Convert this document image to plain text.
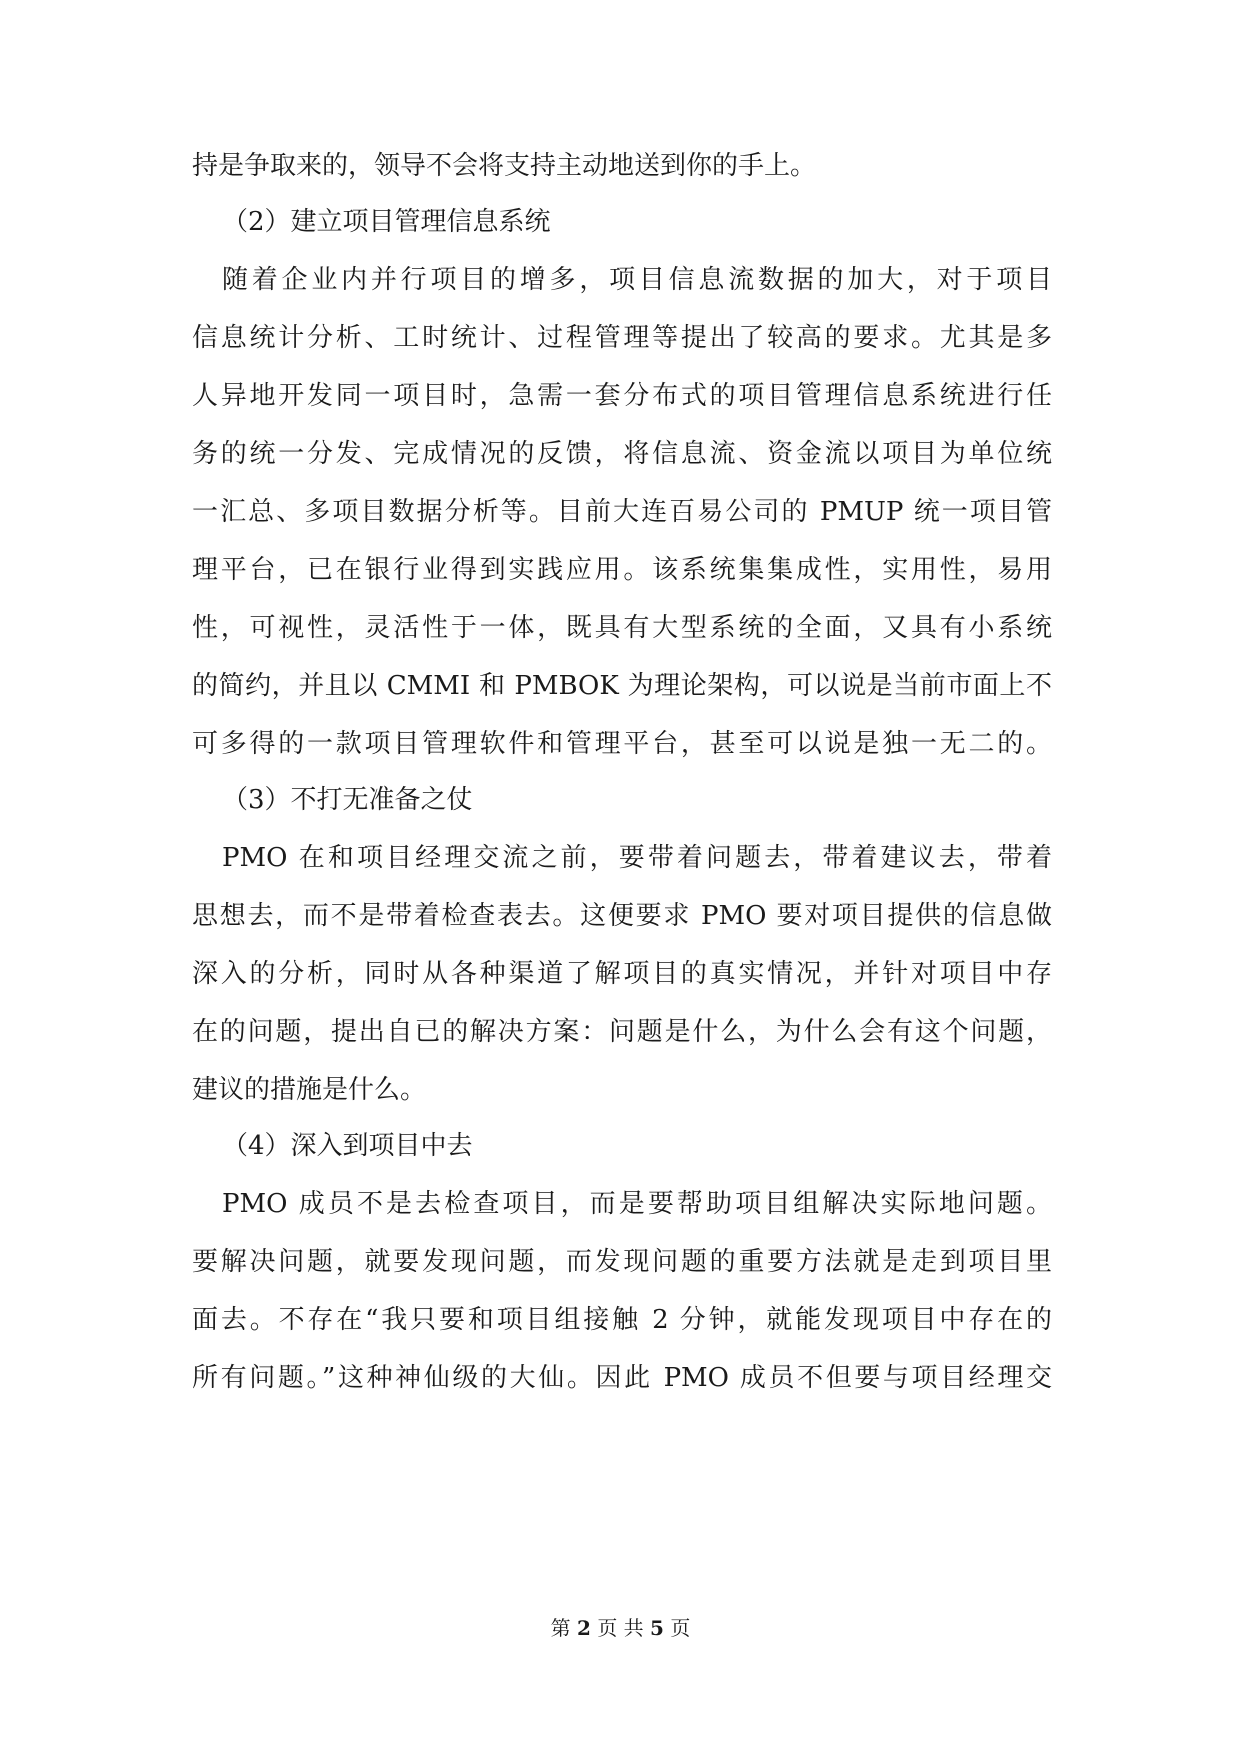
持是争取来的，领导不会将支持主动地送到你的手上。
（2）建立项目管理信息系统
随着企业内并行项目的增多，项目信息流数据的加大，对于项目
信息统计分析、工时统计、过程管理等提出了较高的要求。尤其是多
人异地开发同一项目时，急需一套分布式的项目管理信息系统进行任
务的统一分发、完成情况的反馈，将信息流、资金流以项目为单位统
一汇总、多项目数据分析等。目前大连百易公司的 PMUP 统一项目管
理平台，已在银行业得到实践应用。该系统集集成性，实用性，易用
性，可视性，灵活性于一体，既具有大型系统的全面，又具有小系统
的简约，并且以 CMMI 和 PMBOK 为理论架构，可以说是当前市面上不
可多得的一款项目管理软件和管理平台，甚至可以说是独一无二的。
（3）不打无准备之仗
PMO 在和项目经理交流之前，要带着问题去，带着建议去，带着
思想去，而不是带着检查表去。这便要求 PMO 要对项目提供的信息做
深入的分析，同时从各种渠道了解项目的真实情况，并针对项目中存
在的问题，提出自已的解决方案：问题是什么，为什么会有这个问题，
建议的措施是什么。
（4）深入到项目中去
PMO 成员不是去检查项目，而是要帮助项目组解决实际地问题。
要解决问题，就要发现问题，而发现问题的重要方法就是走到项目里
面去。不存在“我只要和项目组接触 2 分钟，就能发现项目中存在的
所有问题。”这种神仙级的大仙。因此 PMO 成员不但要与项目经理交
第 2 页 共 5 页
